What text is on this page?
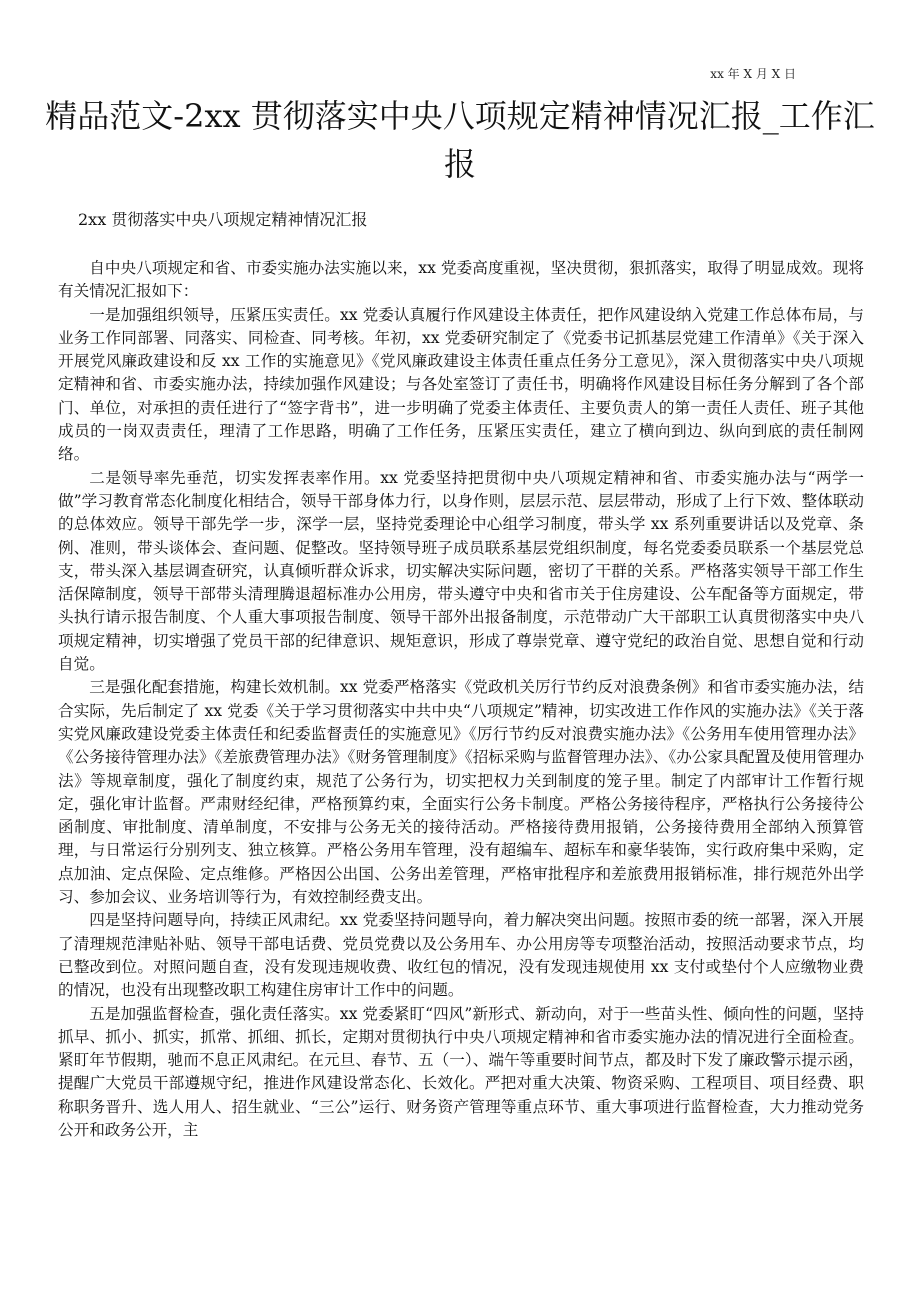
xx 年 X 月 X 日
精品范文-2xx 贯彻落实中央八项规定精神情况汇报_工作汇报
2xx 贯彻落实中央八项规定精神情况汇报

自中央八项规定和省、市委实施办法实施以来，xx 党委高度重视，坚决贯彻，狠抓落实，取得了明显成效。现将有关情况汇报如下：

一是加强组织领导，压紧压实责任。xx 党委认真履行作风建设主体责任，把作风建设纳入党建工作总体布局，与业务工作同部署、同落实、同检查、同考核。年初，xx 党委研究制定了《党委书记抓基层党建工作清单》《关于深入开展党风廉政建设和反 xx 工作的实施意见》《党风廉政建设主体责任重点任务分工意见》，深入贯彻落实中央八项规定精神和省、市委实施办法，持续加强作风建设；与各处室签订了责任书，明确将作风建设目标任务分解到了各个部门、单位，对承担的责任进行了“签字背书”，进一步明确了党委主体责任、主要负责人的第一责任人责任、班子其他成员的一岗双责责任，理清了工作思路，明确了工作任务，压紧压实责任，建立了横向到边、纵向到底的责任制网络。

二是领导率先垂范，切实发挥表率作用。xx 党委坚持把贯彻中央八项规定精神和省、市委实施办法与“两学一做”学习教育常态化制度化相结合，领导干部身体力行，以身作则，层层示范、层层带动，形成了上行下效、整体联动的总体效应。领导干部先学一步，深学一层，坚持党委理论中心组学习制度，带头学 xx 系列重要讲话以及党章、条例、准则，带头谈体会、查问题、促整改。坚持领导班子成员联系基层党组织制度，每名党委委员联系一个基层党总支，带头深入基层调查研究，认真倾听群众诉求，切实解决实际问题，密切了干群的关系。严格落实领导干部工作生活保障制度，领导干部带头清理腾退超标准办公用房，带头遵守中央和省市关于住房建设、公车配备等方面规定，带头执行请示报告制度、个人重大事项报告制度、领导干部外出报备制度，示范带动广大干部职工认真贯彻落实中央八项规定精神，切实增强了党员干部的纪律意识、规矩意识，形成了尊崇党章、遵守党纪的政治自觉、思想自觉和行动自觉。

三是强化配套措施，构建长效机制。xx 党委严格落实《党政机关厉行节约反对浪费条例》和省市委实施办法，结合实际，先后制定了 xx 党委《关于学习贯彻落实中共中央“八项规定”精神，切实改进工作作风的实施办法》《关于落实党风廉政建设党委主体责任和纪委监督责任的实施意见》《厉行节约反对浪费实施办法》《公务用车使用管理办法》《公务接待管理办法》《差旅费管理办法》《财务管理制度》《招标采购与监督管理办法》、《办公家具配置及使用管理办法》等规章制度，强化了制度约束，规范了公务行为，切实把权力关到制度的笼子里。制定了内部审计工作暂行规定，强化审计监督。严肃财经纪律，严格预算约束，全面实行公务卡制度。严格公务接待程序，严格执行公务接待公函制度、审批制度、清单制度，不安排与公务无关的接待活动。严格接待费用报销，公务接待费用全部纳入预算管理，与日常运行分别列支、独立核算。严格公务用车管理，没有超编车、超标车和豪华装饰，实行政府集中采购，定点加油、定点保险、定点维修。严格因公出国、公务出差管理，严格审批程序和差旅费用报销标准，排行规范外出学习、参加会议、业务培训等行为，有效控制经费支出。

四是坚持问题导向，持续正风肃纪。xx 党委坚持问题导向，着力解决突出问题。按照市委的统一部署，深入开展了清理规范津贴补贴、领导干部电话费、党员党费以及公务用车、办公用房等专项整治活动，按照活动要求节点，均已整改到位。对照问题自查，没有发现违规收费、收红包的情况，没有发现违规使用 xx 支付或垫付个人应缴物业费的情况，也没有出现整改职工构建住房审计工作中的问题。

五是加强监督检查，强化责任落实。xx 党委紧盯“四风”新形式、新动向，对于一些苗头性、倾向性的问题，坚持抓早、抓小、抓实，抓常、抓细、抓长，定期对贯彻执行中央八项规定精神和省市委实施办法的情况进行全面检查。紧盯年节假期，驰而不息正风肃纪。在元旦、春节、五（一）、端午等重要时间节点，都及时下发了廉政警示提示函，提醒广大党员干部遵规守纪，推进作风建设常态化、长效化。严把对重大决策、物资采购、工程项目、项目经费、职称职务晋升、选人用人、招生就业、“三公”运行、财务资产管理等重点环节、重大事项进行监督检查，大力推动党务公开和政务公开，主
